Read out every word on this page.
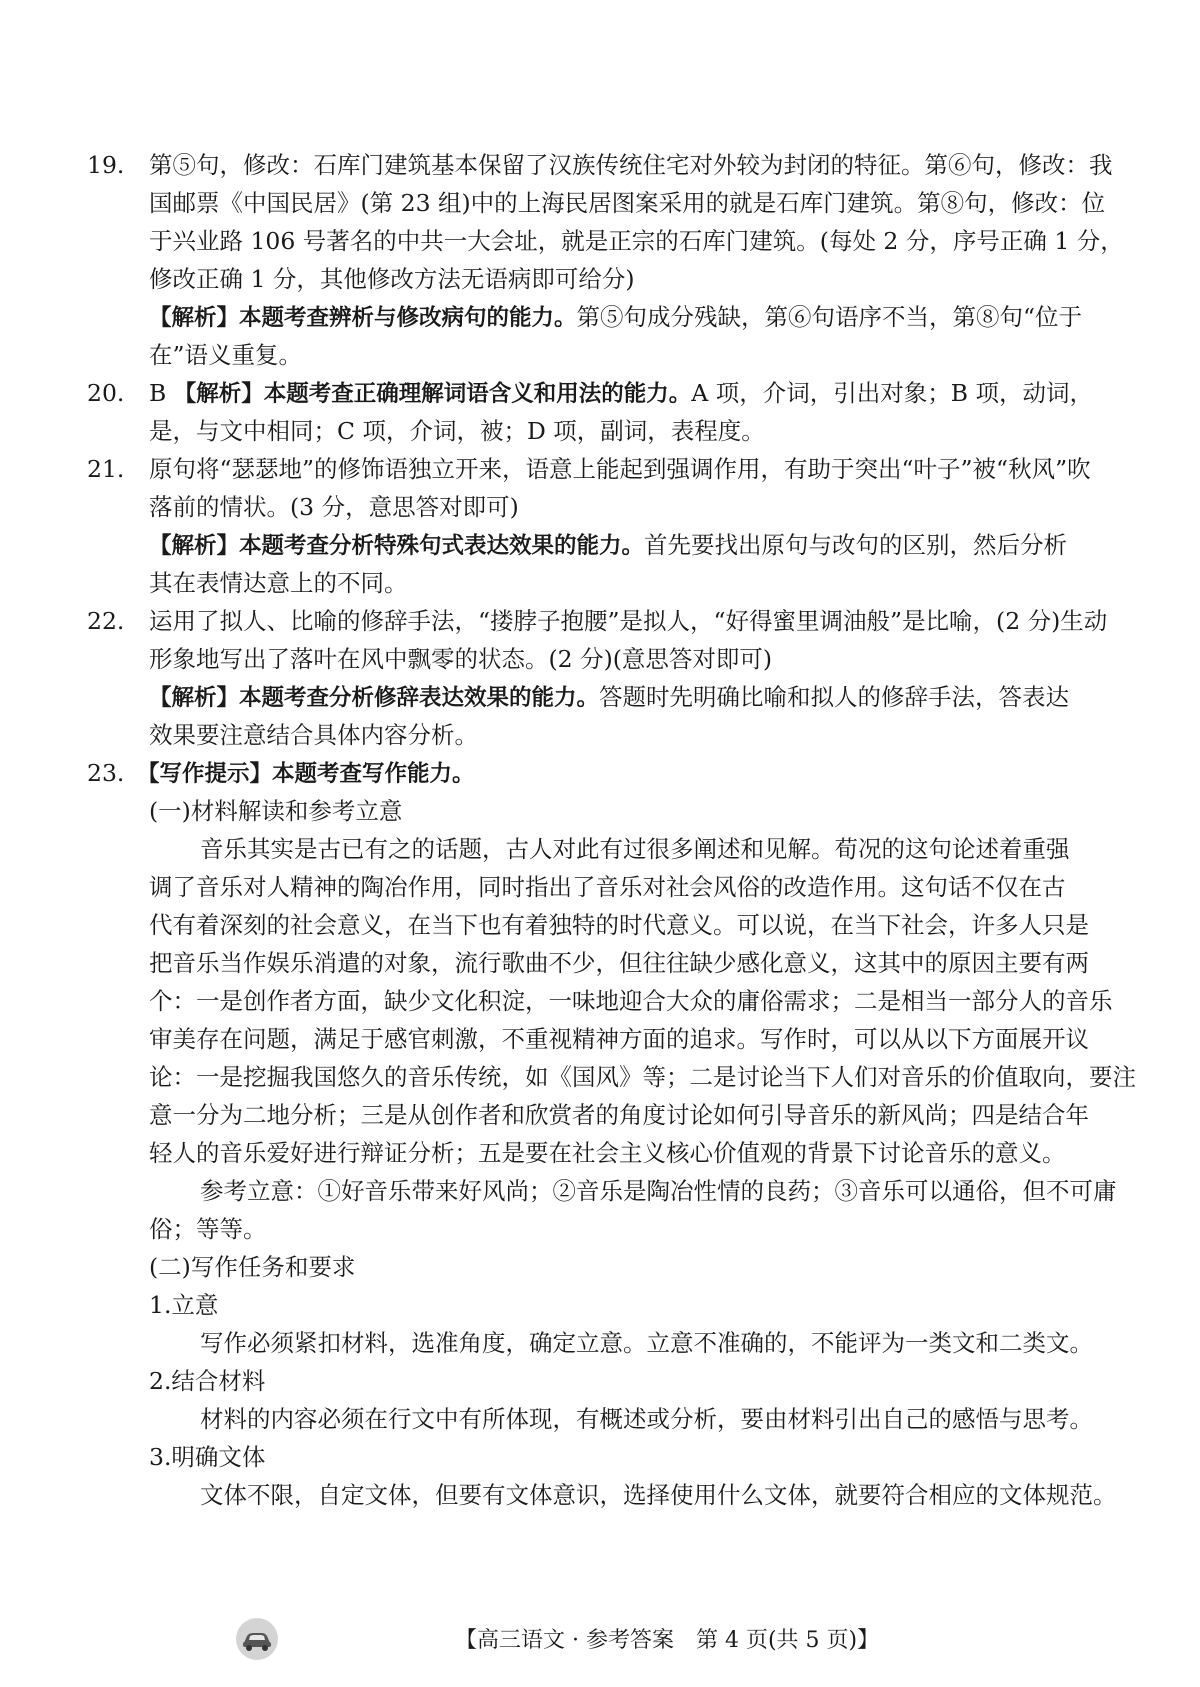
19. 第⑤句，修改：石库门建筑基本保留了汉族传统住宅对外较为封闭的特征。第⑥句，修改：我
国邮票《中国民居》(第 23 组)中的上海民居图案采用的就是石库门建筑。第⑧句，修改：位
于兴业路 106 号著名的中共一大会址，就是正宗的石库门建筑。(每处 2 分，序号正确 1 分，
修改正确 1 分，其他修改方法无语病即可给分)
【解析】本题考查辨析与修改病句的能力。第⑤句成分残缺，第⑥句语序不当，第⑧句“位于
在”语义重复。
20. B 【解析】本题考查正确理解词语含义和用法的能力。A 项，介词，引出对象；B 项，动词，
是，与文中相同；C 项，介词，被；D 项，副词，表程度。
21. 原句将“瑟瑟地”的修饰语独立开来，语意上能起到强调作用，有助于突出“叶子”被“秋风”吹
落前的情状。(3 分，意思答对即可)
【解析】本题考查分析特殊句式表达效果的能力。首先要找出原句与改句的区别，然后分析
其在表情达意上的不同。
22. 运用了拟人、比喻的修辞手法，“搂脖子抱腰”是拟人，“好得蜜里调油般”是比喻，(2 分)生动
形象地写出了落叶在风中飘零的状态。(2 分)(意思答对即可)
【解析】本题考查分析修辞表达效果的能力。答题时先明确比喻和拟人的修辞手法，答表达
效果要注意结合具体内容分析。
23. 【写作提示】本题考查写作能力。
(一)材料解读和参考立意
音乐其实是古已有之的话题，古人对此有过很多阐述和见解。荀况的这句论述着重强
调了音乐对人精神的陶冶作用，同时指出了音乐对社会风俗的改造作用。这句话不仅在古
代有着深刻的社会意义，在当下也有着独特的时代意义。可以说，在当下社会，许多人只是
把音乐当作娱乐消遣的对象，流行歌曲不少，但往往缺少感化意义，这其中的原因主要有两
个：一是创作者方面，缺少文化积淀，一味地迎合大众的庸俗需求；二是相当一部分人的音乐
审美存在问题，满足于感官刺激，不重视精神方面的追求。写作时，可以从以下方面展开议
论：一是挖掘我国悠久的音乐传统，如《国风》等；二是讨论当下人们对音乐的价值取向，要注
意一分为二地分析；三是从创作者和欣赏者的角度讨论如何引导音乐的新风尚；四是结合年
轻人的音乐爱好进行辩证分析；五是要在社会主义核心价值观的背景下讨论音乐的意义。
参考立意：①好音乐带来好风尚；②音乐是陶冶性情的良药；③音乐可以通俗，但不可庸
俗；等等。
(二)写作任务和要求
1.立意
写作必须紧扣材料，选准角度，确定立意。立意不准确的，不能评为一类文和二类文。
2.结合材料
材料的内容必须在行文中有所体现，有概述或分析，要由材料引出自己的感悟与思考。
3.明确文体
文体不限，自定文体，但要有文体意识，选择使用什么文体，就要符合相应的文体规范。
【高三语文 · 参考答案　第 4 页(共 5 页)】
